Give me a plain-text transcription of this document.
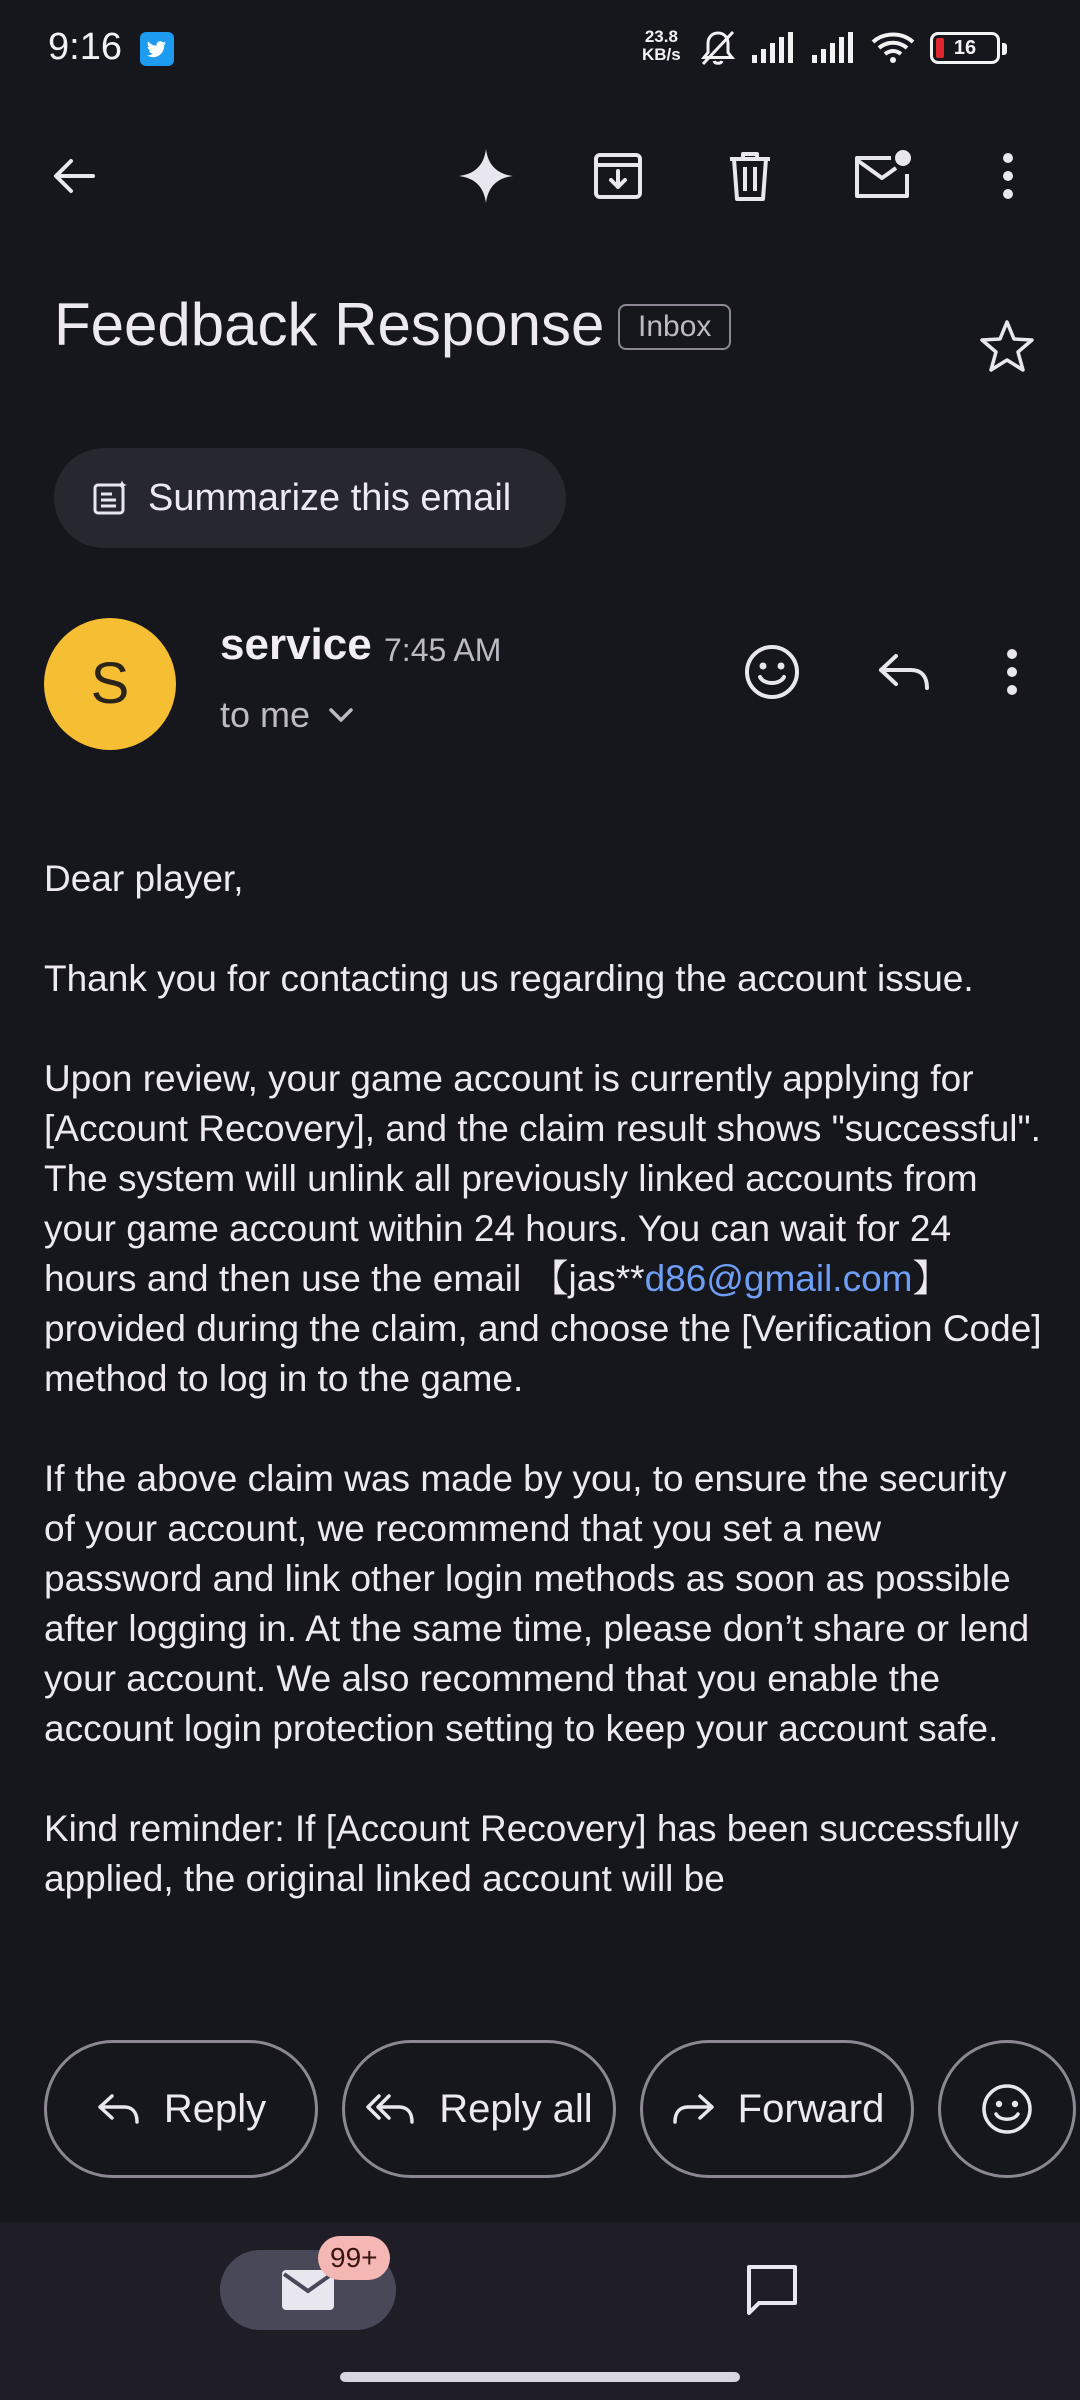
9:16	23.8
KB/s	16
Feedback Response	Inbox
Summarize this email
S
service 7:45 AM
to me

Dear player,

Thank you for contacting us regarding the account issue.

Upon review, your game account is currently applying for [Account Recovery], and the claim result shows "successful". The system will unlink all previously linked accounts from your game account within 24 hours. You can wait for 24 hours and then use the email 【jas**d86@gmail.com】 provided during the claim, and choose the [Verification Code] method to log in to the game.

If the above claim was made by you, to ensure the security of your account, we recommend that you set a new password and link other login methods as soon as possible after logging in. At the same time, please don’t share or lend your account. We also recommend that you enable the account login protection setting to keep your account safe.

Kind reminder: If [Account Recovery] has been successfully applied, the original linked account will be

Reply	Reply all	Forward
99+
